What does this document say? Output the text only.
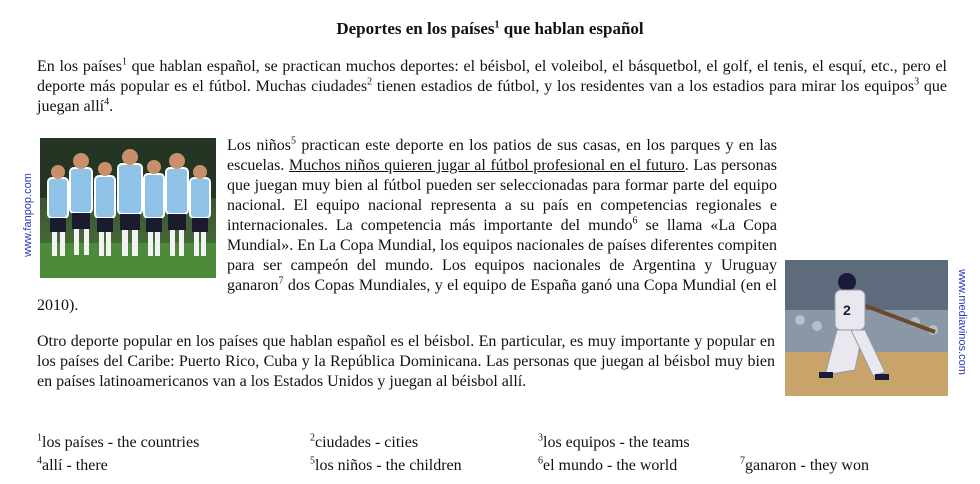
Deportes en los países$^1$ que hablan español

En los países$^1$ que hablan español, se practican muchos deportes: el béisbol, el voleibol, el básquetbol, el golf, el tenis, el esquí, etc., pero el deporte más popular es el fútbol. Muchas ciudades$^2$ tienen estadios de fútbol, y los residentes van a los estadios para mirar los equipos$^3$ que juegan allí$^4$.

www.fanpop.com
2	www.mediavinos.com
Los niños$^5$ practican este deporte en los patios de sus casas, en los parques y en las escuelas. Muchos niños quieren jugar al fútbol profesional en el futuro. Las personas que juegan muy bien al fútbol pueden ser seleccionadas para formar parte del equipo nacional. El equipo nacional representa a su país en competencias regionales e internacionales. La competencia más importante del mundo$^6$ se llama «La Copa Mundial». En La Copa Mundial, los equipos nacionales de países diferentes compiten para ser campeón del mundo. Los equipos nacionales de Argentina y Uruguay ganaron$^7$ dos Copas Mundiales, y el equipo de España ganó una Copa Mundial (en el 2010).

Otro deporte popular en los países que hablan español es el béisbol. En particular, es muy importante y popular en los países del Caribe: Puerto Rico, Cuba y la República Dominicana. Las personas que juegan al béisbol muy bien en países latinoamericanos van a los Estados Unidos y juegan al béisbol allí.

$^1$los países - the countries	$^2$ciudades - cities	$^3$los equipos - the teams
$^4$allí - there	$^5$los niños - the children	$^6$el mundo - the world	$^7$ganaron - they won
